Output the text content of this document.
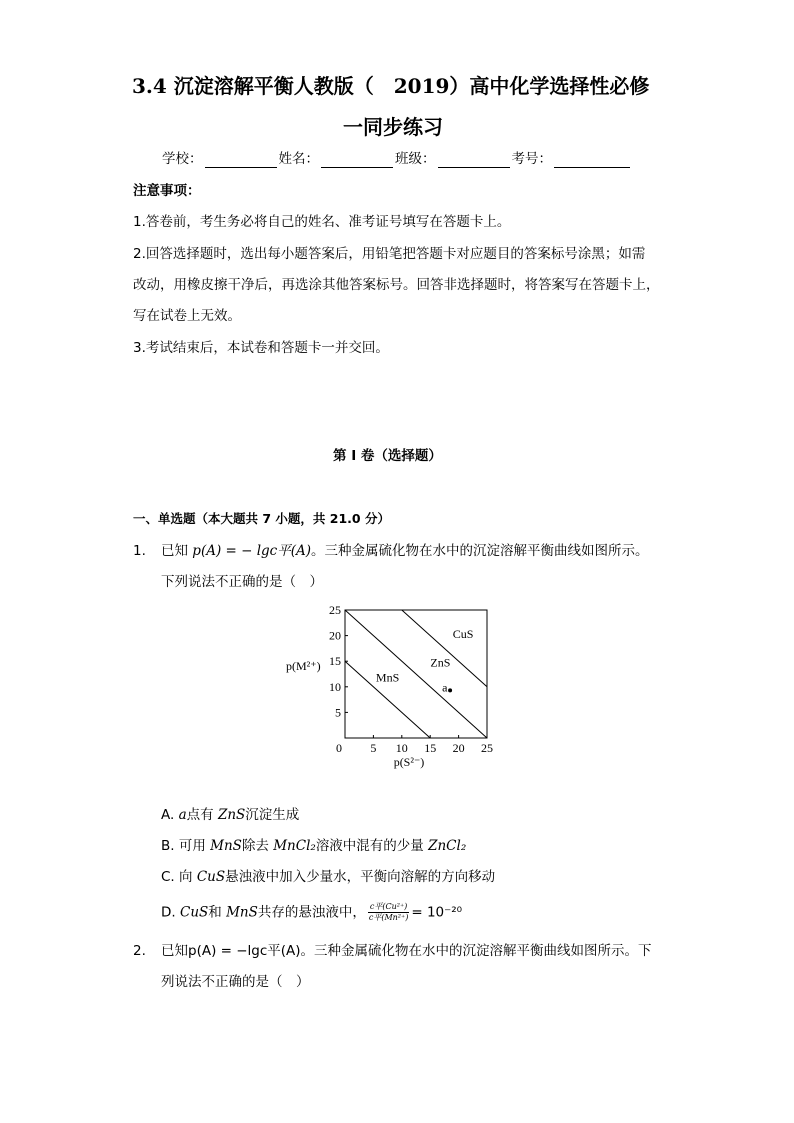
3.4 沉淀溶解平衡人教版（　2019）高中化学选择性必修
一同步练习
学校：	姓名：	班级：	考号：
注意事项：
1.答卷前，考生务必将自己的姓名、准考证号填写在答题卡上。
2.回答选择题时，选出每小题答案后，用铅笔把答题卡对应题目的答案标号涂黑；如需
改动，用橡皮擦干净后，再选涂其他答案标号。回答非选择题时，将答案写在答题卡上，
写在试卷上无效。
3.考试结束后，本试卷和答题卡一并交回。
第 I 卷（选择题）
一、单选题（本大题共 7 小题，共 21.0 分）
1. 已知 p(A) = − lgc平(A)。三种金属硫化物在水中的沉淀溶解平衡曲线如图所示。
下列说法不正确的是（　）
0 5 10 15 20 25
5
10
15
20
25
CuS
ZnS
MnS
a
p(S²⁻)
p(M²⁺)
A. a点有 ZnS沉淀生成
B. 可用 MnS除去 MnCl₂溶液中混有的少量 ZnCl₂
C. 向 CuS悬浊液中加入少量水，平衡向溶解的方向移动
D. CuS和 MnS共存的悬浊液中， $\frac{\text{c平(Cu²⁺)}}{\text{c平(Mn²⁺)}} = 10^{-20}$
2. 已知p(A) = −lgc平(A)。三种金属硫化物在水中的沉淀溶解平衡曲线如图所示。下
列说法不正确的是（　）
